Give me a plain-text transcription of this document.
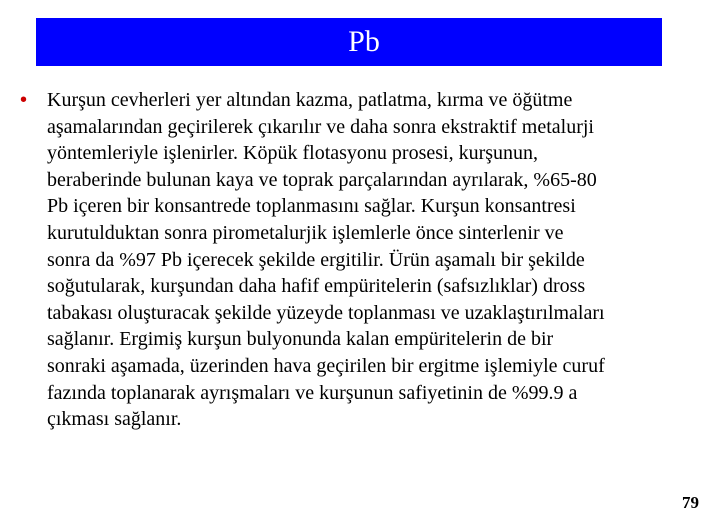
Pb
• Kurşun cevherleri yer altından kazma, patlatma, kırma ve öğütme
aşamalarından geçirilerek çıkarılır ve daha sonra ekstraktif metalurji
yöntemleriyle işlenirler. Köpük flotasyonu prosesi, kurşunun,
beraberinde bulunan kaya ve toprak parçalarından ayrılarak, %65-80
Pb içeren bir konsantrede toplanmasını sağlar. Kurşun konsantresi
kurutulduktan sonra pirometalurjik işlemlerle önce sinterlenir ve
sonra da %97 Pb içerecek şekilde ergitilir. Ürün aşamalı bir şekilde
soğutularak, kurşundan daha hafif empüritelerin (safsızlıklar) dross
tabakası oluşturacak şekilde yüzeyde toplanması ve uzaklaştırılmaları
sağlanır. Ergimiş kurşun bulyonunda kalan empüritelerin de bir
sonraki aşamada, üzerinden hava geçirilen bir ergitme işlemiyle curuf
fazında toplanarak ayrışmaları ve kurşunun safiyetinin de %99.9 a
çıkması sağlanır.
79
